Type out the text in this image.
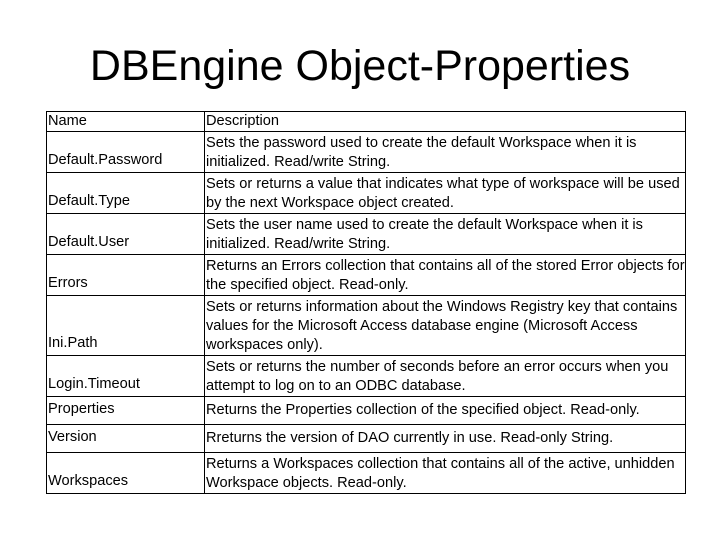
DBEngine Object-Properties
Name	Description
Default.Password	Sets the password used to create the default Workspace when it is initialized. Read/write String.
Default.Type	Sets or returns a value that indicates what type of workspace will be used by the next Workspace object created.
Default.User	Sets the user name used to create the default Workspace when it is initialized. Read/write String.
Errors	Returns an Errors collection that contains all of the stored Error objects for the specified object. Read-only.
Ini.Path	Sets or returns information about the Windows Registry key that contains values for the Microsoft Access database engine (Microsoft Access workspaces only).
Login.Timeout	Sets or returns the number of seconds before an error occurs when you attempt to log on to an ODBC database.
Properties	Returns the Properties collection of the specified object. Read-only.
Version	Rreturns the version of DAO currently in use. Read-only String.
Workspaces	Returns a Workspaces collection that contains all of the active, unhidden Workspace objects. Read-only.
